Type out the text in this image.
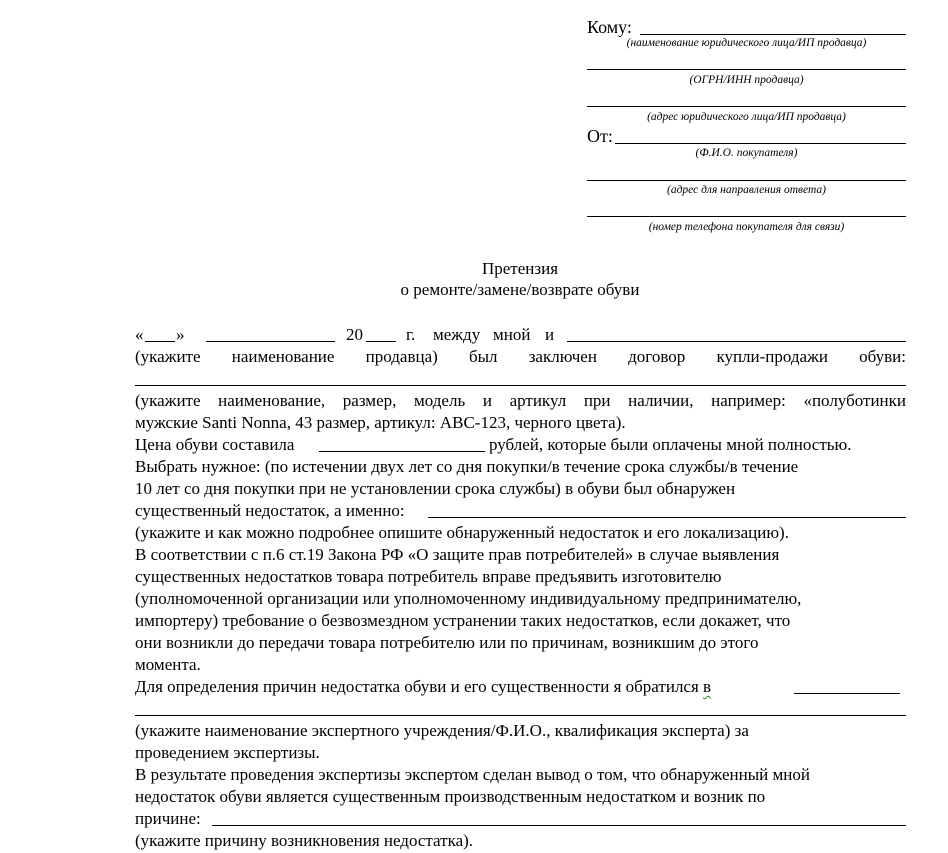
Кому:
(наименование юридического лица/ИП продавца)
(ОГРН/ИНН продавца)
(адрес юридического лица/ИП продавца)
От:
(Ф.И.О. покупателя)
(адрес для направления ответа)
(номер телефона покупателя для связи)
Претензия
о ремонте/замене/возврате обуви
« »	20	г. между мной и
(укажите наименование продавца) был заключен договор купли-продажи обуви:
(укажите наименование, размер, модель и артикул при наличии, например: «полуботинки
мужские Santi Nonna, 43 размер, артикул: ABC-123, черного цвета).
Цена обуви составила	рублей, которые были оплачены мной полностью.
Выбрать нужное: (по истечении двух лет со дня покупки/в течение срока службы/в течение
10 лет со дня покупки при не установлении срока службы) в обуви был обнаружен
существенный недостаток, а именно:
(укажите и как можно подробнее опишите обнаруженный недостаток и его локализацию).
В соответствии с п.6 ст.19 Закона РФ «О защите прав потребителей» в случае выявления
существенных недостатков товара потребитель вправе предъявить изготовителю
(уполномоченной организации или уполномоченному индивидуальному предпринимателю,
импортеру) требование о безвозмездном устранении таких недостатков, если докажет, что
они возникли до передачи товара потребителю или по причинам, возникшим до этого
момента.
Для определения причин недостатка обуви и его существенности я обратился в
(укажите наименование экспертного учреждения/Ф.И.О., квалификация эксперта) за
проведением экспертизы.
В результате проведения экспертизы экспертом сделан вывод о том, что обнаруженный мной
недостаток обуви является существенным производственным недостатком и возник по
причине:
(укажите причину возникновения недостатка).
